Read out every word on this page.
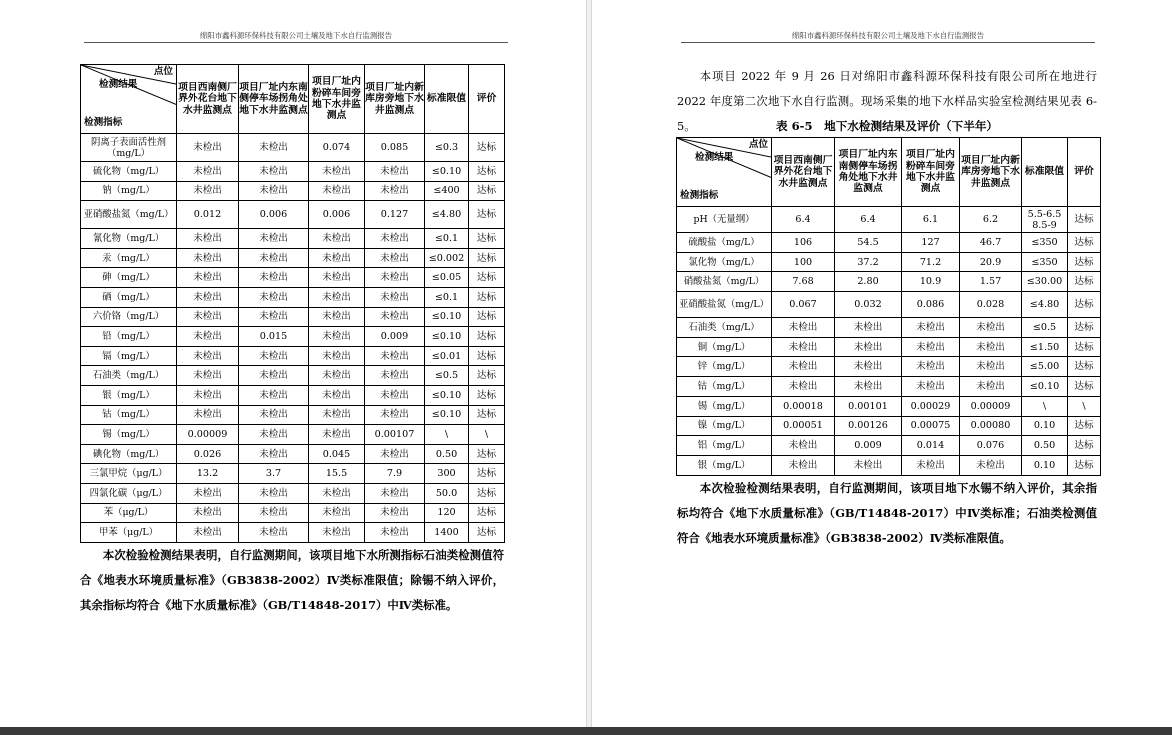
绵阳市鑫科源环保科技有限公司土壤及地下水自行监测报告
点位
检测结果
检测指标	项目西南侧厂界外花台地下水井监测点	项目厂址内东南侧停车场拐角处地下水井监测点	项目厂址内粉碎车间旁地下水井监测点	项目厂址内新库房旁地下水井监测点	标准限值	评价
阴离子表面活性剂（mg/L）	未检出	未检出	0.074	0.085	≤0.3	达标
硫化物（mg/L）	未检出	未检出	未检出	未检出	≤0.10	达标
钠（mg/L）	未检出	未检出	未检出	未检出	≤400	达标
亚硝酸盐氮（mg/L）	0.012	0.006	0.006	0.127	≤4.80	达标
氰化物（mg/L）	未检出	未检出	未检出	未检出	≤0.1	达标
汞（mg/L）	未检出	未检出	未检出	未检出	≤0.002	达标
砷（mg/L）	未检出	未检出	未检出	未检出	≤0.05	达标
硒（mg/L）	未检出	未检出	未检出	未检出	≤0.1	达标
六价铬（mg/L）	未检出	未检出	未检出	未检出	≤0.10	达标
铅（mg/L）	未检出	0.015	未检出	0.009	≤0.10	达标
镉（mg/L）	未检出	未检出	未检出	未检出	≤0.01	达标
石油类（mg/L）	未检出	未检出	未检出	未检出	≤0.5	达标
银（mg/L）	未检出	未检出	未检出	未检出	≤0.10	达标
钴（mg/L）	未检出	未检出	未检出	未检出	≤0.10	达标
锡（mg/L）	0.00009	未检出	未检出	0.00107	\	\
碘化物（mg/L）	0.026	未检出	0.045	未检出	0.50	达标
三氯甲烷（μg/L）	13.2	3.7	15.5	7.9	300	达标
四氯化碳（μg/L）	未检出	未检出	未检出	未检出	50.0	达标
苯（μg/L）	未检出	未检出	未检出	未检出	120	达标
甲苯（μg/L）	未检出	未检出	未检出	未检出	1400	达标

本次检验检测结果表明，自行监测期间，该项目地下水所测指标石油类检测值符合《地表水环境质量标准》（GB3838-2002）Ⅳ类标准限值；除锡不纳入评价，其余指标均符合《地下水质量标准》（GB/T14848-2017）中Ⅳ类标准。

绵阳市鑫科源环保科技有限公司土壤及地下水自行监测报告

本项目 2022 年 9 月 26 日对绵阳市鑫科源环保科技有限公司所在地进行 2022 年度第二次地下水自行监测。现场采集的地下水样品实验室检测结果见表 6-5。	表 6-5　地下水检测结果及评价（下半年）
点位
检测结果
检测指标	项目西南侧厂界外花台地下水井监测点	项目厂址内东南侧停车场拐角处地下水井监测点	项目厂址内粉碎车间旁地下水井监测点	项目厂址内新库房旁地下水井监测点	标准限值	评价
pH（无量纲）	6.4	6.4	6.1	6.2	5.5-6.5 8.5-9	达标
硫酸盐（mg/L）	106	54.5	127	46.7	≤350	达标
氯化物（mg/L）	100	37.2	71.2	20.9	≤350	达标
硝酸盐氮（mg/L）	7.68	2.80	10.9	1.57	≤30.00	达标
亚硝酸盐氮（mg/L）	0.067	0.032	0.086	0.028	≤4.80	达标
石油类（mg/L）	未检出	未检出	未检出	未检出	≤0.5	达标
铜（mg/L）	未检出	未检出	未检出	未检出	≤1.50	达标
锌（mg/L）	未检出	未检出	未检出	未检出	≤5.00	达标
钴（mg/L）	未检出	未检出	未检出	未检出	≤0.10	达标
锡（mg/L）	0.00018	0.00101	0.00029	0.00009	\	\
镍（mg/L）	0.00051	0.00126	0.00075	0.00080	0.10	达标
铝（mg/L）	未检出	0.009	0.014	0.076	0.50	达标
银（mg/L）	未检出	未检出	未检出	未检出	0.10	达标

本次检验检测结果表明，自行监测期间，该项目地下水锡不纳入评价，其余指标均符合《地下水质量标准》（GB/T14848-2017）中Ⅳ类标准；石油类检测值符合《地表水环境质量标准》（GB3838-2002）Ⅳ类标准限值。
